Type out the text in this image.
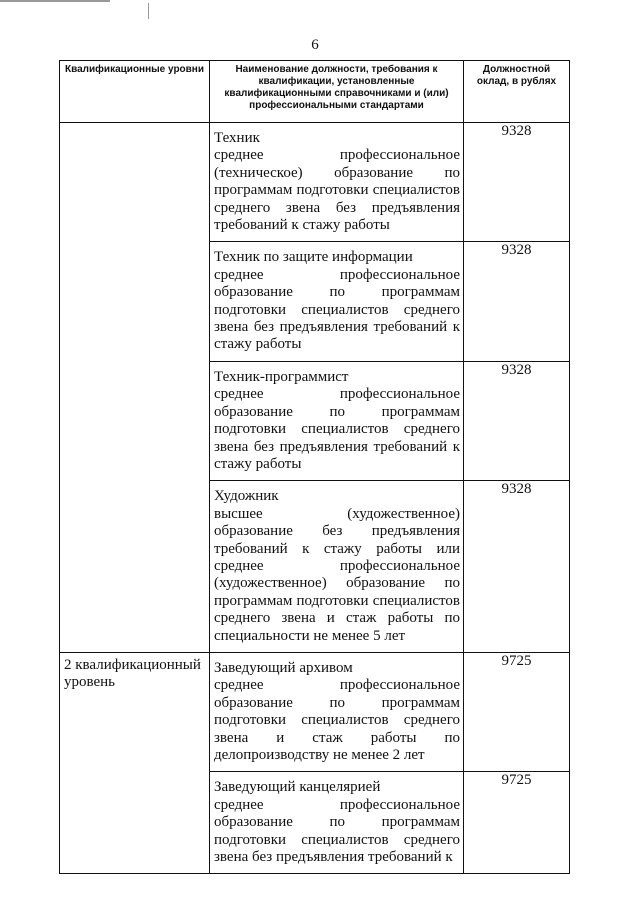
6
Квалификационные уровни	Наименование должности, требования к квалификации, установленные квалификационными справочниками и (или) профессиональными стандартами	Должностной оклад, в рублях

	Техник
среднее профессиональное (техническое) образование по программам подготовки специалистов среднего звена без предъявления требований к стажу работы	9328

	Техник по защите информации
среднее профессиональное образование по программам подготовки специалистов среднего звена без предъявления требований к стажу работы	9328

	Техник-программист
среднее профессиональное образование по программам подготовки специалистов среднего звена без предъявления требований к стажу работы	9328

	Художник
высшее (художественное) образование без предъявления требований к стажу работы или среднее профессиональное (художественное) образование по программам подготовки специалистов среднего звена и стаж работы по специальности не менее 5 лет	9328
2 квалификационный уровень	Заведующий архивом
среднее профессиональное образование по программам подготовки специалистов среднего звена и стаж работы по делопроизводству не менее 2 лет	9725

	Заведующий канцелярией
среднее профессиональное образование по программам подготовки специалистов среднего звена без предъявления требований к	9725
